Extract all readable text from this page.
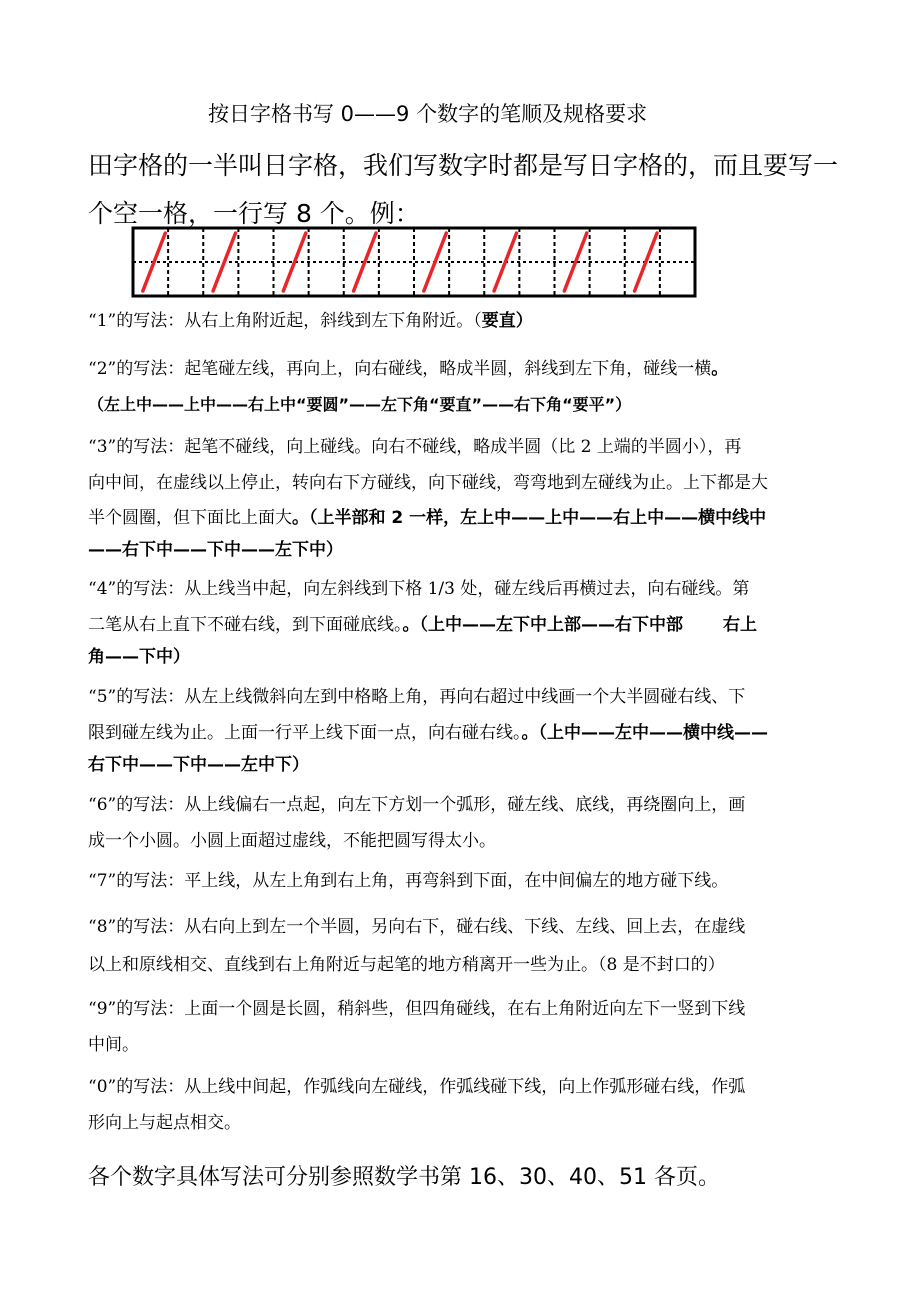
按日字格书写 0——9 个数字的笔顺及规格要求
田字格的一半叫日字格，我们写数字时都是写日字格的，而且要写一
个空一格，一行写 8 个。例：
“1”的写法：从右上角附近起，斜线到左下角附近。（要直）
“2”的写法：起笔碰左线，再向上，向右碰线，略成半圆，斜线到左下角，碰线一横。
（左上中——上中——右上中“要圆”——左下角“要直”——右下角“要平”）
“3”的写法：起笔不碰线，向上碰线。向右不碰线，略成半圆（比 2 上端的半圆小），再
向中间，在虚线以上停止，转向右下方碰线，向下碰线，弯弯地到左碰线为止。上下都是大
半个圆圈，但下面比上面大。（上半部和 2 一样，左上中——上中——右上中——横中线中
——右下中——下中——左下中）
“4”的写法：从上线当中起，向左斜线到下格 1/3 处，碰左线后再横过去，向右碰线。第
二笔从右上直下不碰右线，到下面碰底线。。（上中——左下中上部——右下中部 右上
角——下中）
“5”的写法：从左上线微斜向左到中格略上角，再向右超过中线画一个大半圆碰右线、下
限到碰左线为止。上面一行平上线下面一点，向右碰右线。。（上中——左中——横中线——
右下中——下中——左中下）
“6”的写法：从上线偏右一点起，向左下方划一个弧形，碰左线、底线，再绕圈向上，画
成一个小圆。小圆上面超过虚线，不能把圆写得太小。
“7”的写法：平上线，从左上角到右上角，再弯斜到下面，在中间偏左的地方碰下线。
“8”的写法：从右向上到左一个半圆，另向右下，碰右线、下线、左线、回上去，在虚线
以上和原线相交、直线到右上角附近与起笔的地方稍离开一些为止。（8 是不封口的）
“9”的写法：上面一个圆是长圆，稍斜些，但四角碰线，在右上角附近向左下一竖到下线
中间。
“0”的写法：从上线中间起，作弧线向左碰线，作弧线碰下线，向上作弧形碰右线，作弧
形向上与起点相交。
各个数字具体写法可分别参照数学书第 16、30、40、51 各页。
